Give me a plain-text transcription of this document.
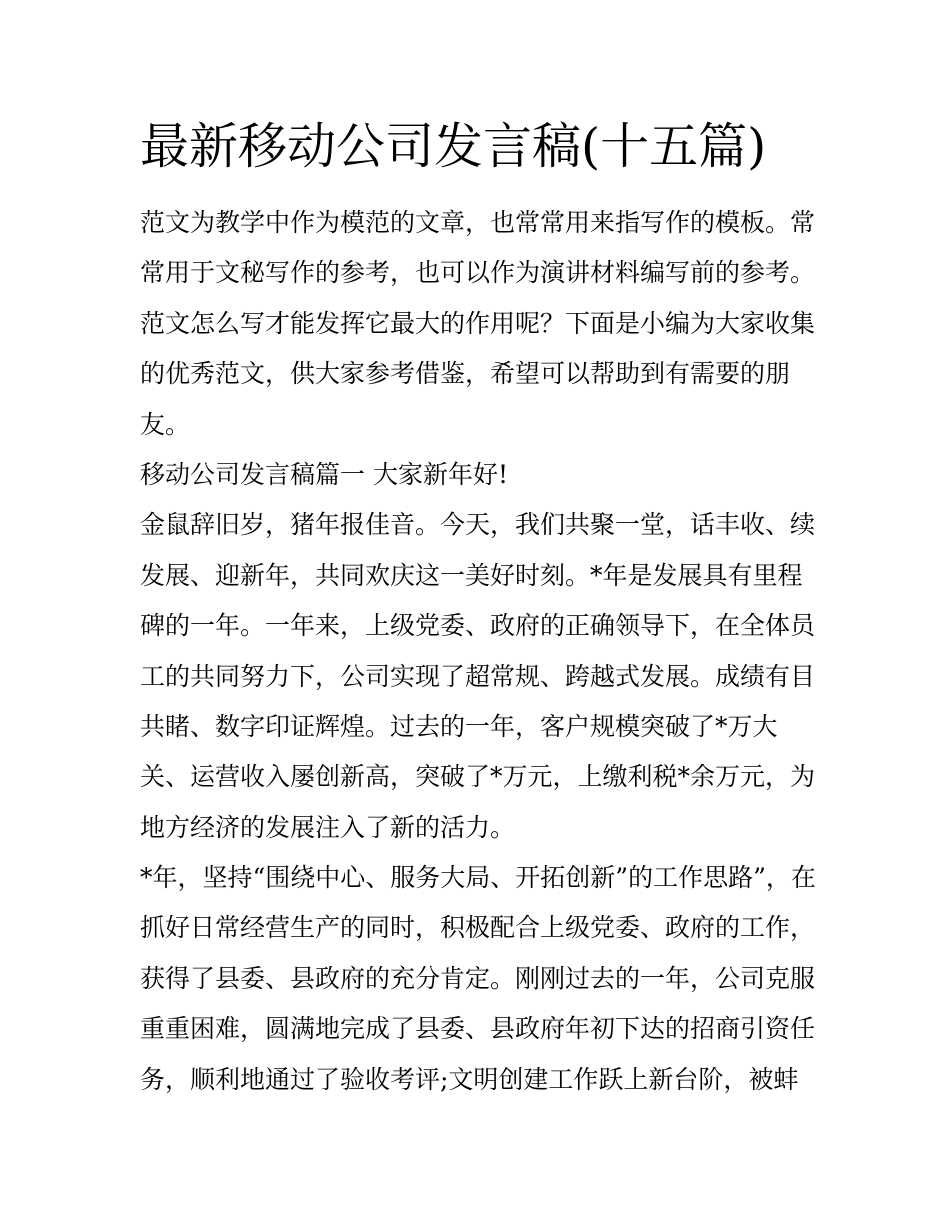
最新移动公司发言稿(十五篇)
范文为教学中作为模范的文章，也常常用来指写作的模板。常
常用于文秘写作的参考，也可以作为演讲材料编写前的参考。
范文怎么写才能发挥它最大的作用呢？下面是小编为大家收集
的优秀范文，供大家参考借鉴，希望可以帮助到有需要的朋
友。
移动公司发言稿篇一 大家新年好!
金鼠辞旧岁，猪年报佳音。今天，我们共聚一堂，话丰收、续
发展、迎新年，共同欢庆这一美好时刻。*年是发展具有里程
碑的一年。一年来，上级党委、政府的正确领导下，在全体员
工的共同努力下，公司实现了超常规、跨越式发展。成绩有目
共睹、数字印证辉煌。过去的一年，客户规模突破了*万大
关、运营收入屡创新高，突破了*万元，上缴利税*余万元，为
地方经济的发展注入了新的活力。
*年，坚持“围绕中心、服务大局、开拓创新”的工作思路”，在
抓好日常经营生产的同时，积极配合上级党委、政府的工作，
获得了县委、县政府的充分肯定。刚刚过去的一年，公司克服
重重困难，圆满地完成了县委、县政府年初下达的招商引资任
务，顺利地通过了验收考评;文明创建工作跃上新台阶，被蚌
